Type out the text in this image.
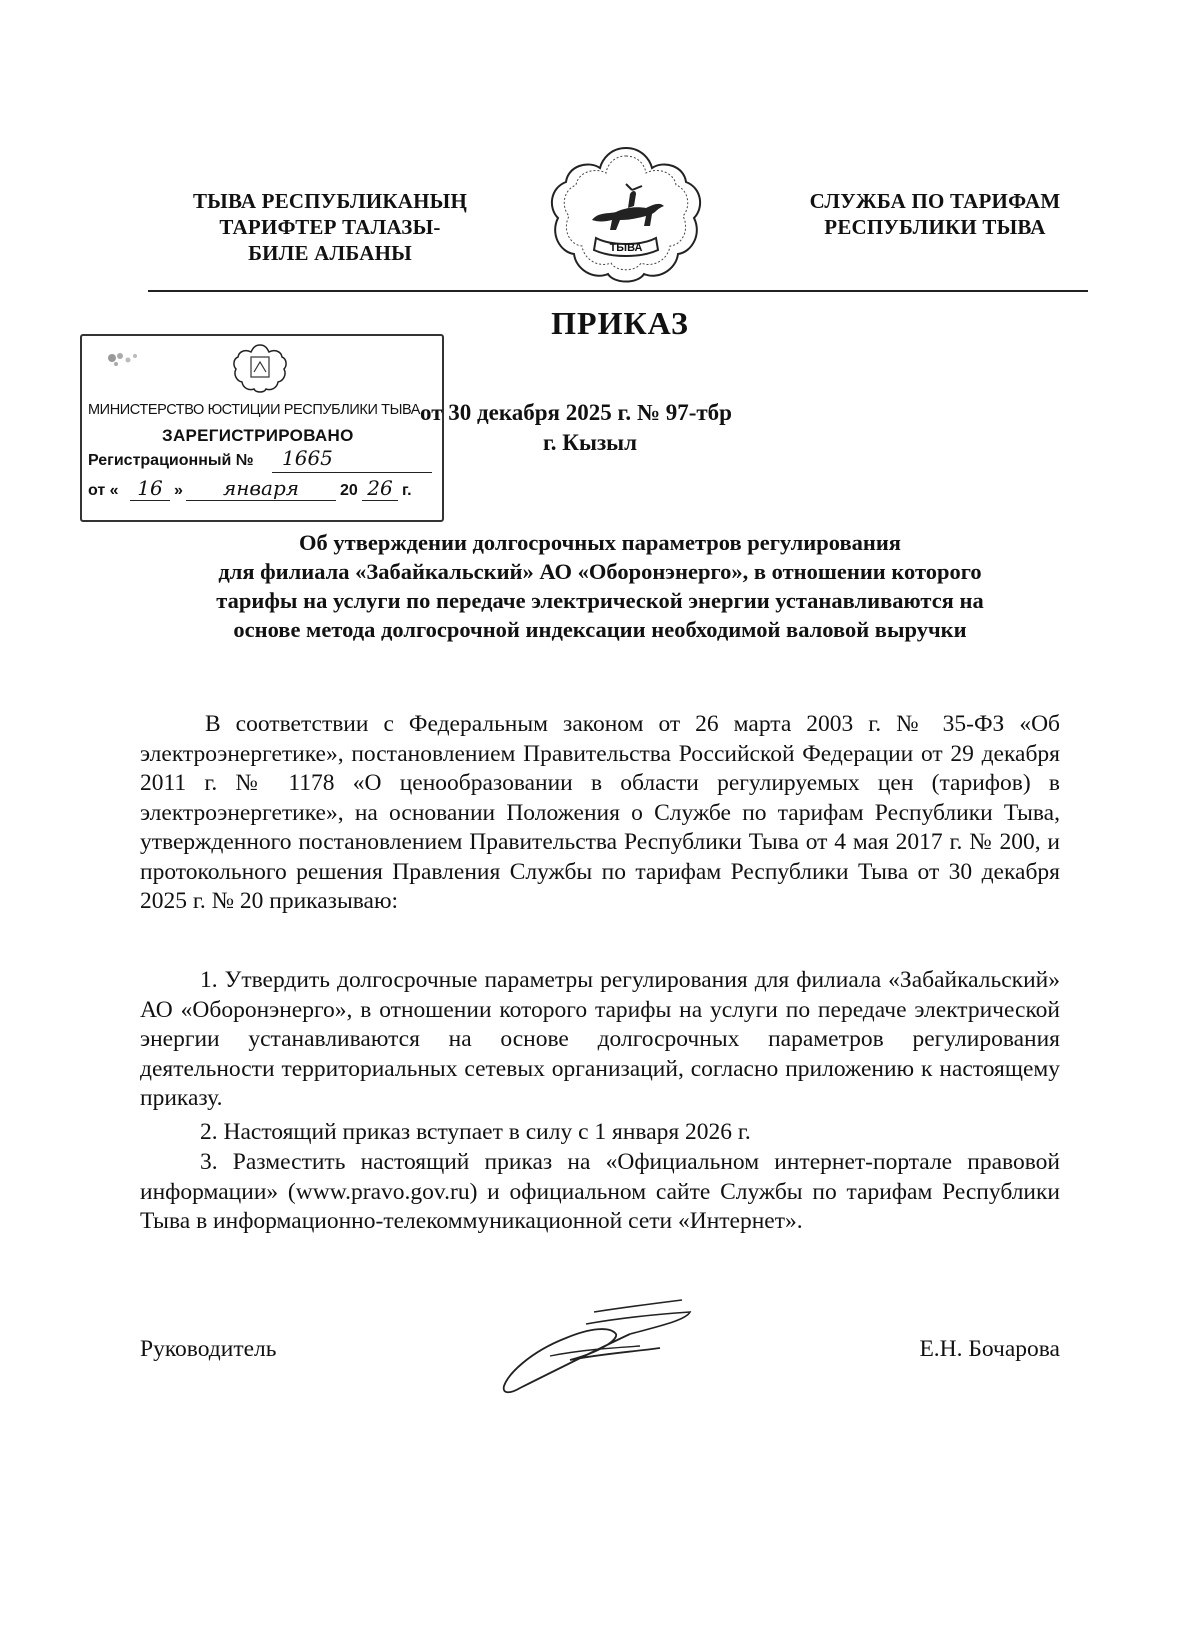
ТЫВА РЕСПУБЛИКАНЫҢ
ТАРИФТЕР ТАЛАЗЫ-
БИЛЕ АЛБАНЫ	ТЫВА
СЛУЖБА ПО ТАРИФАМ
РЕСПУБЛИКИ ТЫВА
ПРИКАЗ
МИНИСТЕРСТВО ЮСТИЦИИ РЕСПУБЛИКИ ТЫВА
ЗАРЕГИСТРИРОВАНО
Регистрационный №	1665
от « 16 »	января	20 26 г.
от 30 декабря 2025 г. № 97-тбр
г. Кызыл
Об утверждении долгосрочных параметров регулирования
для филиала «Забайкальский» АО «Оборонэнерго», в отношении которого
тарифы на услуги по передаче электрической энергии устанавливаются на
основе метода долгосрочной индексации необходимой валовой выручки
В соответствии с Федеральным законом от 26 марта 2003 г. № 35-ФЗ «Об электроэнергетике», постановлением Правительства Российской Федерации от 29 декабря 2011 г. № 1178 «О ценообразовании в области регулируемых цен (тарифов) в электроэнергетике», на основании Положения о Службе по тарифам Республики Тыва, утвержденного постановлением Правительства Республики Тыва от 4 мая 2017 г. № 200, и протокольного решения Правления Службы по тарифам Республики Тыва от 30 декабря 2025 г. № 20 приказываю:
1. Утвердить долгосрочные параметры регулирования для филиала «Забайкальский» АО «Оборонэнерго», в отношении которого тарифы на услуги по передаче электрической энергии устанавливаются на основе долгосрочных параметров регулирования деятельности территориальных сетевых организаций, согласно приложению к настоящему приказу.
2. Настоящий приказ вступает в силу с 1 января 2026 г.
3. Разместить настоящий приказ на «Официальном интернет-портале правовой информации» (www.pravo.gov.ru) и официальном сайте Службы по тарифам Республики Тыва в информационно-телекоммуникационной сети «Интернет».
Руководитель	Е.Н. Бочарова
